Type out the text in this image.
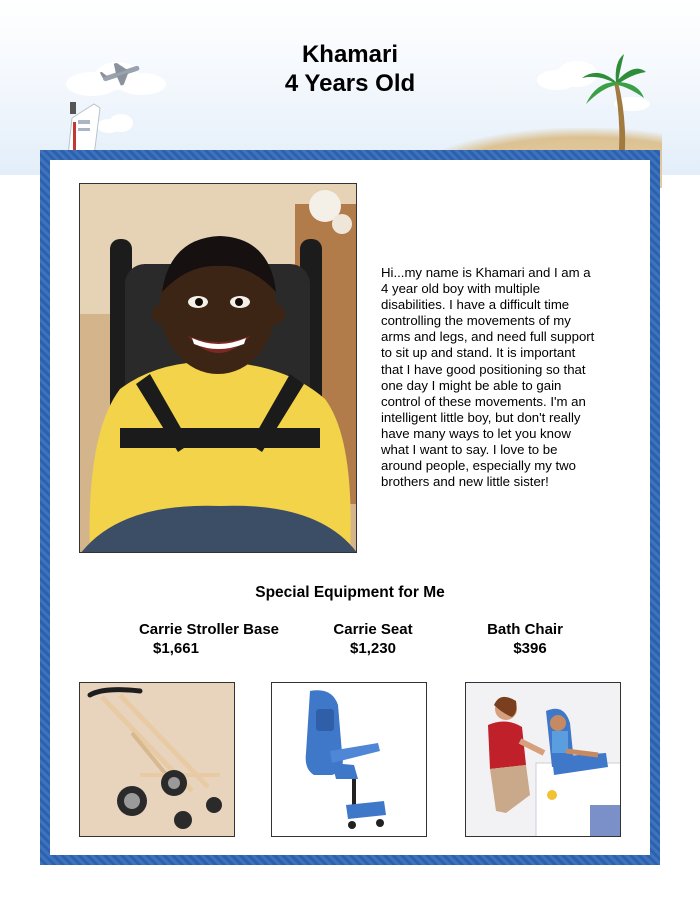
Khamari
4 Years Old
Hi...my name is Khamari and I am a 4 year old boy with multiple disabilities. I have a difficult time controlling the movements of my arms and legs, and need full support to sit up and stand. It is important that I have good positioning so that one day I might be able to gain control of these movements. I'm an intelligent little boy, but don't really have many ways to let you know what I want to say. I love to be around people, especially my two brothers and new little sister!
Special Equipment for Me
Carrie Stroller Base
$1,661
Carrie Seat
$1,230
Bath Chair
$396
